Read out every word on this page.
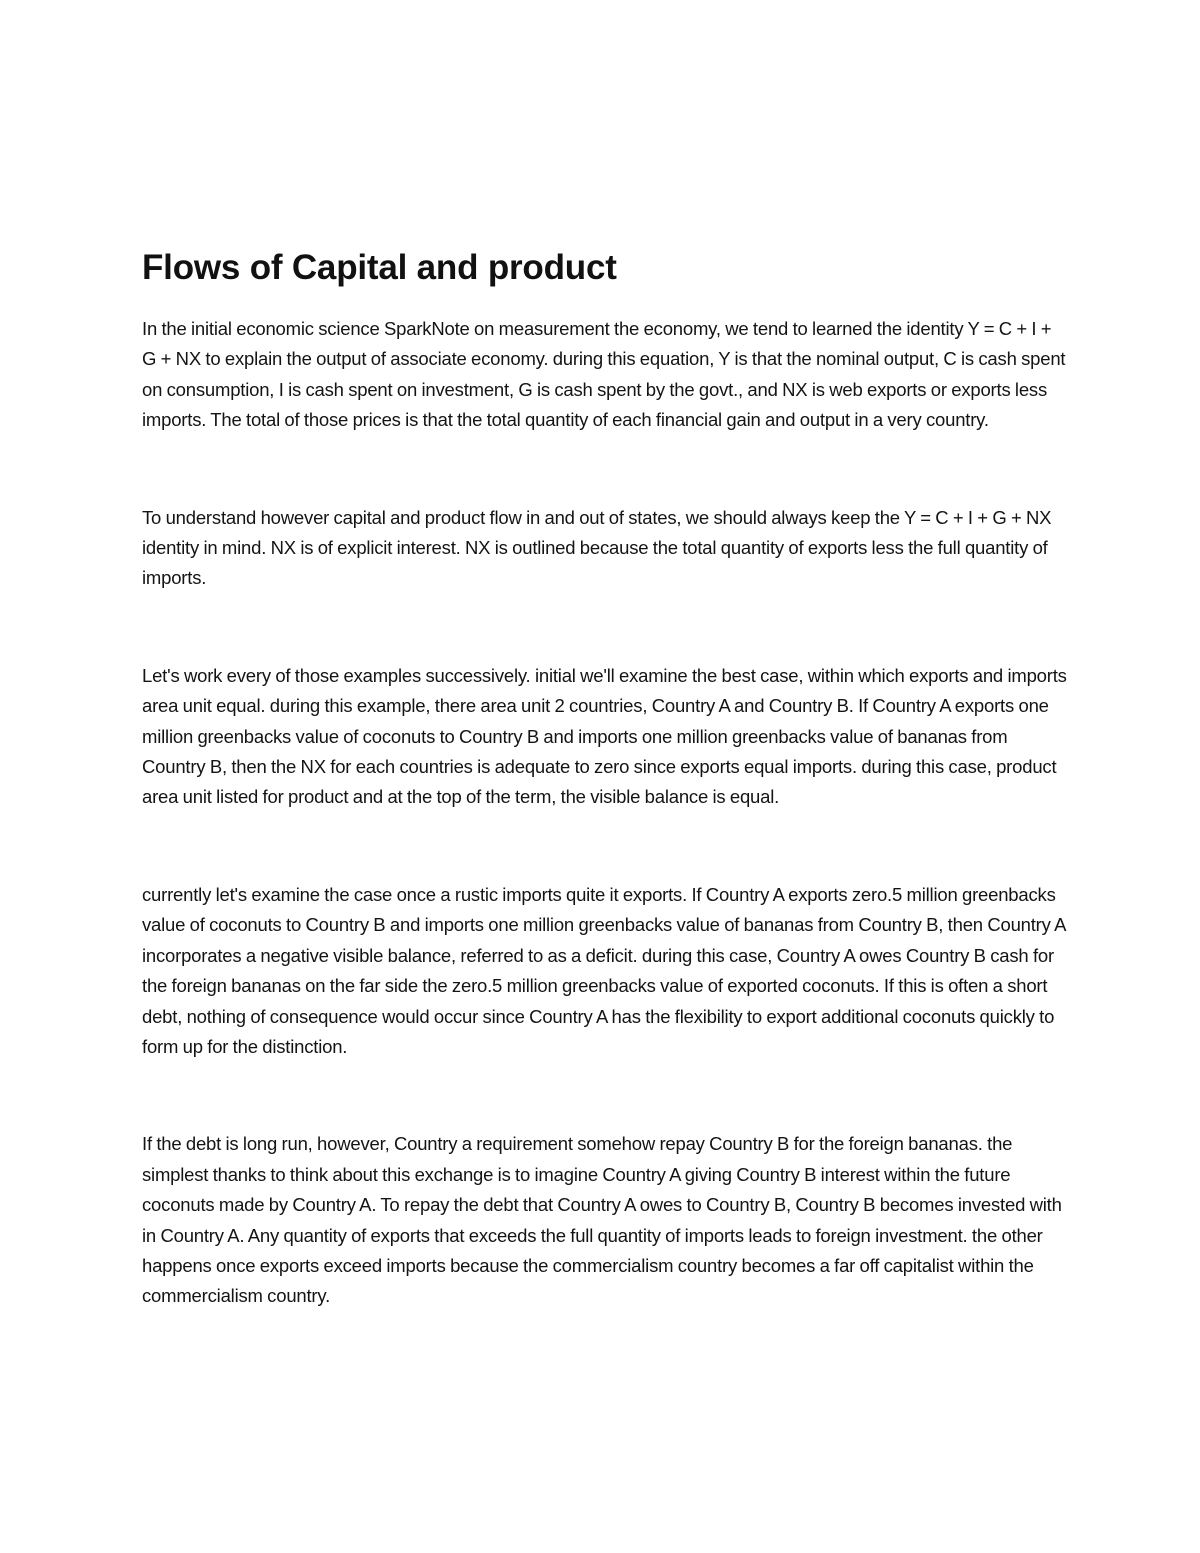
Flows of Capital and product

In the initial economic science SparkNote on measurement the economy, we tend to learned the identity Y = C + I + G + NX to explain the output of associate economy. during this equation, Y is that the nominal output, C is cash spent on consumption, I is cash spent on investment, G is cash spent by the govt., and NX is web exports or exports less imports. The total of those prices is that the total quantity of each financial gain and output in a very country.

To understand however capital and product flow in and out of states, we should always keep the Y = C + I + G + NX identity in mind. NX is of explicit interest. NX is outlined because the total quantity of exports less the full quantity of imports.

Let's work every of those examples successively. initial we'll examine the best case, within which exports and imports area unit equal. during this example, there area unit 2 countries, Country A and Country B. If Country A exports one million greenbacks value of coconuts to Country B and imports one million greenbacks value of bananas from Country B, then the NX for each countries is adequate to zero since exports equal imports. during this case, product area unit listed for product and at the top of the term, the visible balance is equal.

currently let's examine the case once a rustic imports quite it exports. If Country A exports zero.5 million greenbacks value of coconuts to Country B and imports one million greenbacks value of bananas from Country B, then Country A incorporates a negative visible balance, referred to as a deficit. during this case, Country A owes Country B cash for the foreign bananas on the far side the zero.5 million greenbacks value of exported coconuts. If this is often a short debt, nothing of consequence would occur since Country A has the flexibility to export additional coconuts quickly to form up for the distinction.

If the debt is long run, however, Country a requirement somehow repay Country B for the foreign bananas. the simplest thanks to think about this exchange is to imagine Country A giving Country B interest within the future coconuts made by Country A. To repay the debt that Country A owes to Country B, Country B becomes invested with in Country A. Any quantity of exports that exceeds the full quantity of imports leads to foreign investment. the other happens once exports exceed imports because the commercialism country becomes a far off capitalist within the commercialism country.
